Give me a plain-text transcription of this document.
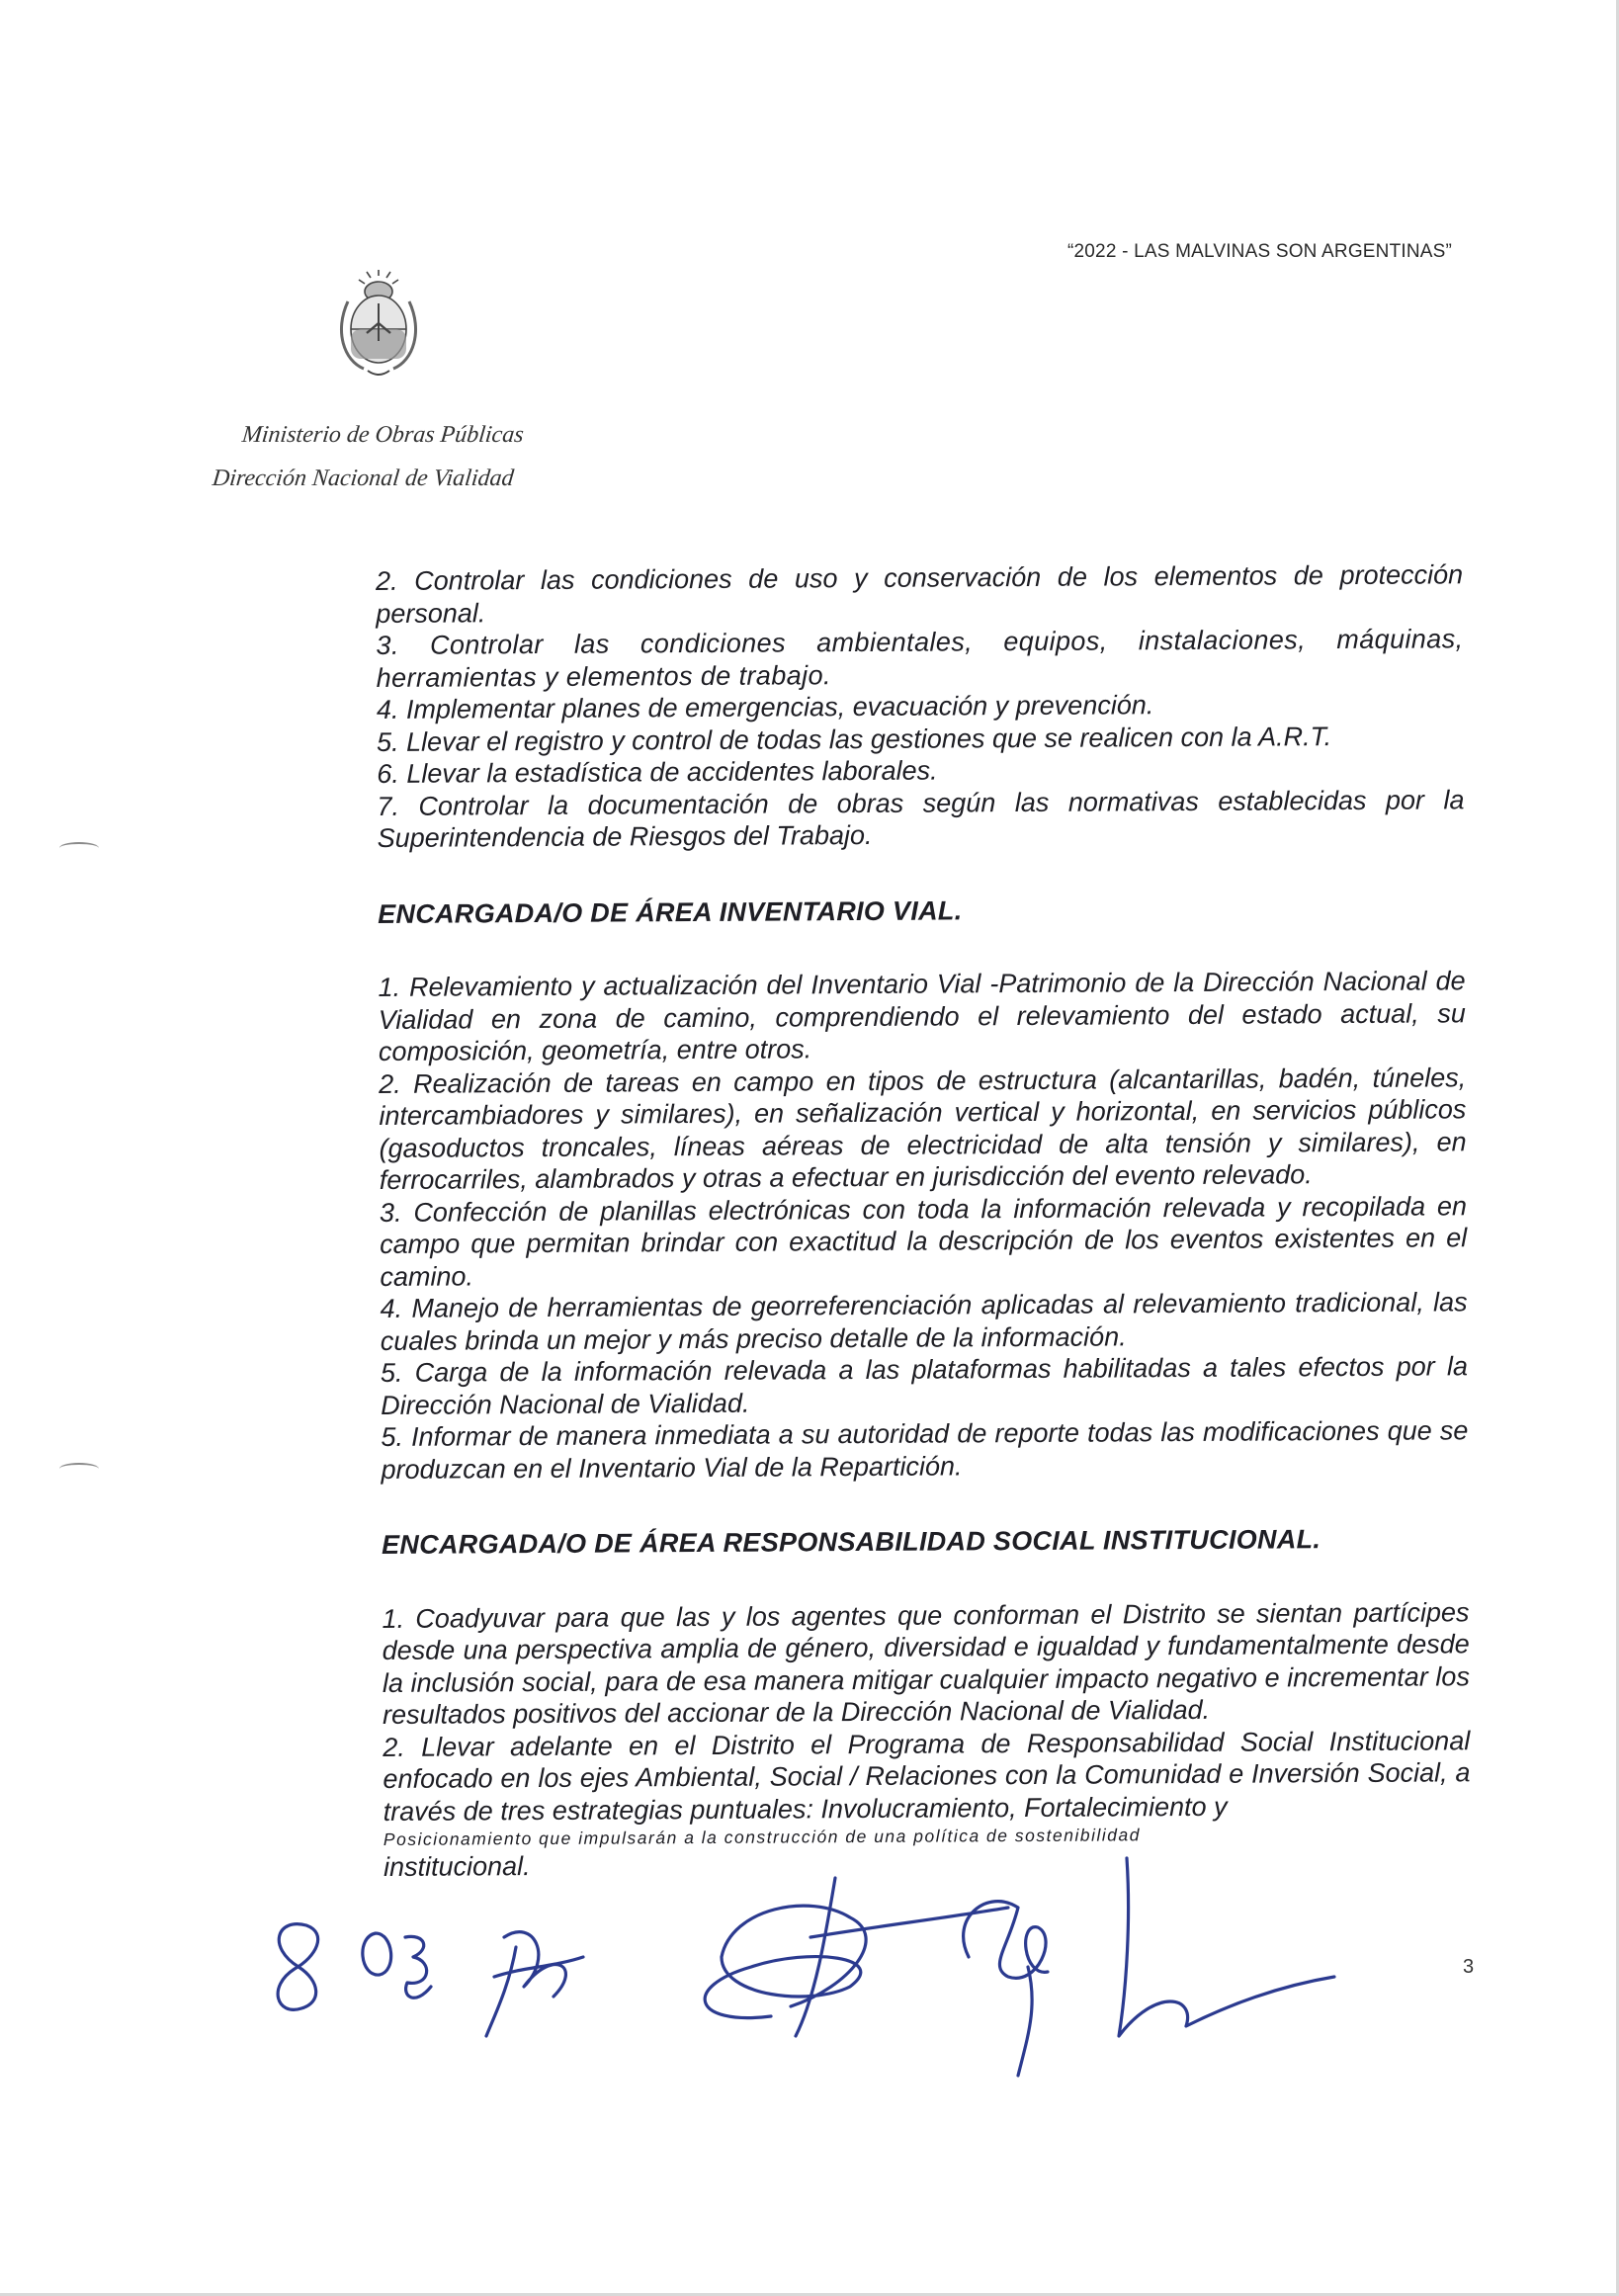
“2022 - LAS MALVINAS SON ARGENTINAS”
Ministerio de Obras Públicas
Dirección Nacional de Vialidad

2. Controlar las condiciones de uso y conservación de los elementos de protección personal.

3. Controlar las condiciones ambientales, equipos, instalaciones, máquinas, herramientas y elementos de trabajo.

4. Implementar planes de emergencias, evacuación y prevención.

5. Llevar el registro y control de todas las gestiones que se realicen con la A.R.T.

6. Llevar la estadística de accidentes laborales.

7. Controlar la documentación de obras según las normativas establecidas por la Superintendencia de Riesgos del Trabajo.

ENCARGADA/O DE ÁREA INVENTARIO VIAL.

1. Relevamiento y actualización del Inventario Vial -Patrimonio de la Dirección Nacional de Vialidad en zona de camino, comprendiendo el relevamiento del estado actual, su composición, geometría, entre otros.

2. Realización de tareas en campo en tipos de estructura (alcantarillas, badén, túneles, intercambiadores y similares), en señalización vertical y horizontal, en servicios públicos (gasoductos troncales, líneas aéreas de electricidad de alta tensión y similares), en ferrocarriles, alambrados y otras a efectuar en jurisdicción del evento relevado.

3. Confección de planillas electrónicas con toda la información relevada y recopilada en campo que permitan brindar con exactitud la descripción de los eventos existentes en el camino.

4. Manejo de herramientas de georreferenciación aplicadas al relevamiento tradicional, las cuales brinda un mejor y más preciso detalle de la información.

5. Carga de la información relevada a las plataformas habilitadas a tales efectos por la Dirección Nacional de Vialidad.

5. Informar de manera inmediata a su autoridad de reporte todas las modificaciones que se produzcan en el Inventario Vial de la Repartición.

ENCARGADA/O DE ÁREA RESPONSABILIDAD SOCIAL INSTITUCIONAL.

1. Coadyuvar para que las y los agentes que conforman el Distrito se sientan partícipes desde una perspectiva amplia de género, diversidad e igualdad y fundamentalmente desde la inclusión social, para de esa manera mitigar cualquier impacto negativo e incrementar los resultados positivos del accionar de la Dirección Nacional de Vialidad.

2. Llevar adelante en el Distrito el Programa de Responsabilidad Social Institucional enfocado en los ejes Ambiental, Social / Relaciones con la Comunidad e Inversión Social, a través de tres estrategias puntuales: Involucramiento, Fortalecimiento y

Posicionamiento que impulsarán a la construcción de una política de sostenibilidad

institucional.

3
